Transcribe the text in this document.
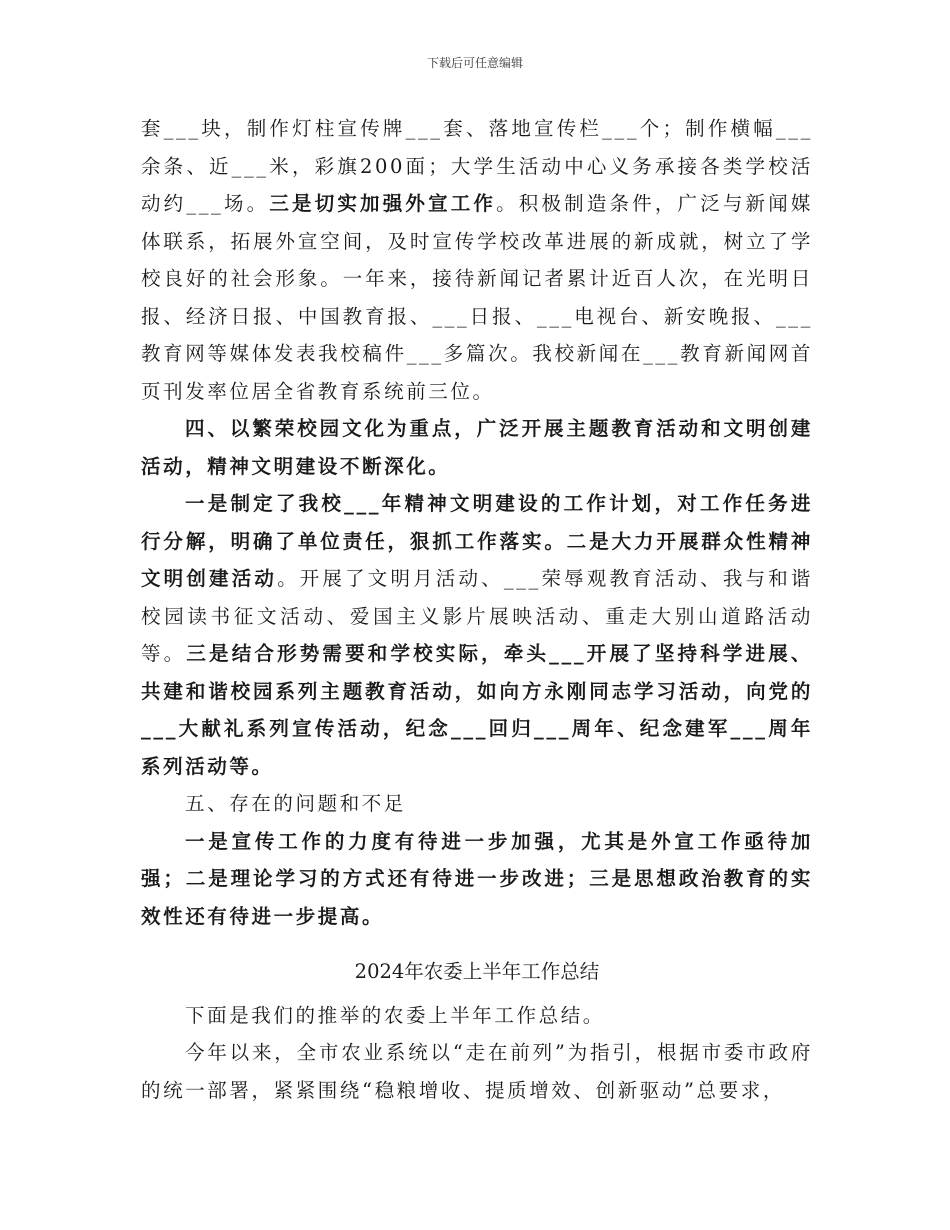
下载后可任意编辑

套___块，制作灯柱宣传牌___套、落地宣传栏___个；制作横幅___余条、近___米，彩旗200面；大学生活动中心义务承接各类学校活动约___场。三是切实加强外宣工作。积极制造条件，广泛与新闻媒体联系，拓展外宣空间，及时宣传学校改革进展的新成就，树立了学校良好的社会形象。一年来，接待新闻记者累计近百人次，在光明日报、经济日报、中国教育报、___日报、___电视台、新安晚报、___教育网等媒体发表我校稿件___多篇次。我校新闻在___教育新闻网首页刊发率位居全省教育系统前三位。

四、以繁荣校园文化为重点，广泛开展主题教育活动和文明创建活动，精神文明建设不断深化。

一是制定了我校___年精神文明建设的工作计划，对工作任务进行分解，明确了单位责任，狠抓工作落实。二是大力开展群众性精神文明创建活动。开展了文明月活动、___荣辱观教育活动、我与和谐校园读书征文活动、爱国主义影片展映活动、重走大别山道路活动等。三是结合形势需要和学校实际，牵头___开展了坚持科学进展、共建和谐校园系列主题教育活动，如向方永刚同志学习活动，向党的___大献礼系列宣传活动，纪念___回归___周年、纪念建军___周年系列活动等。

五、存在的问题和不足

一是宣传工作的力度有待进一步加强，尤其是外宣工作亟待加强；二是理论学习的方式还有待进一步改进；三是思想政治教育的实效性还有待进一步提高。

2024年农委上半年工作总结

下面是我们的推举的农委上半年工作总结。

今年以来，全市农业系统以“走在前列”为指引，根据市委市政府的统一部署，紧紧围绕“稳粮增收、提质增效、创新驱动”总要求，
